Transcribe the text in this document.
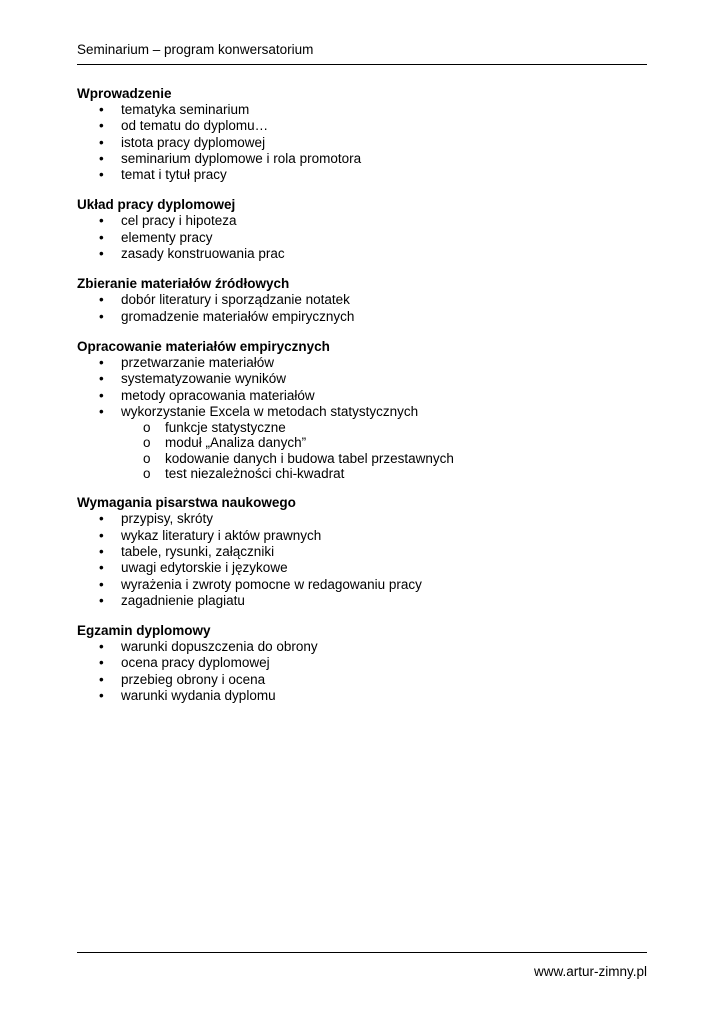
Seminarium – program konwersatorium
Wprowadzenie
• tematyka seminarium
• od tematu do dyplomu…
• istota pracy dyplomowej
• seminarium dyplomowe i rola promotora
• temat i tytuł pracy
Układ pracy dyplomowej
• cel pracy i hipoteza
• elementy pracy
• zasady konstruowania prac
Zbieranie materiałów źródłowych
• dobór literatury i sporządzanie notatek
• gromadzenie materiałów empirycznych
Opracowanie materiałów empirycznych
• przetwarzanie materiałów
• systematyzowanie wyników
• metody opracowania materiałów
• wykorzystanie Excela w metodach statystycznych
o funkcje statystyczne
o moduł „Analiza danych”
o kodowanie danych i budowa tabel przestawnych
o test niezależności chi-kwadrat
Wymagania pisarstwa naukowego
• przypisy, skróty
• wykaz literatury i aktów prawnych
• tabele, rysunki, załączniki
• uwagi edytorskie i językowe
• wyrażenia i zwroty pomocne w redagowaniu pracy
• zagadnienie plagiatu
Egzamin dyplomowy
• warunki dopuszczenia do obrony
• ocena pracy dyplomowej
• przebieg obrony i ocena
• warunki wydania dyplomu
www.artur-zimny.pl
